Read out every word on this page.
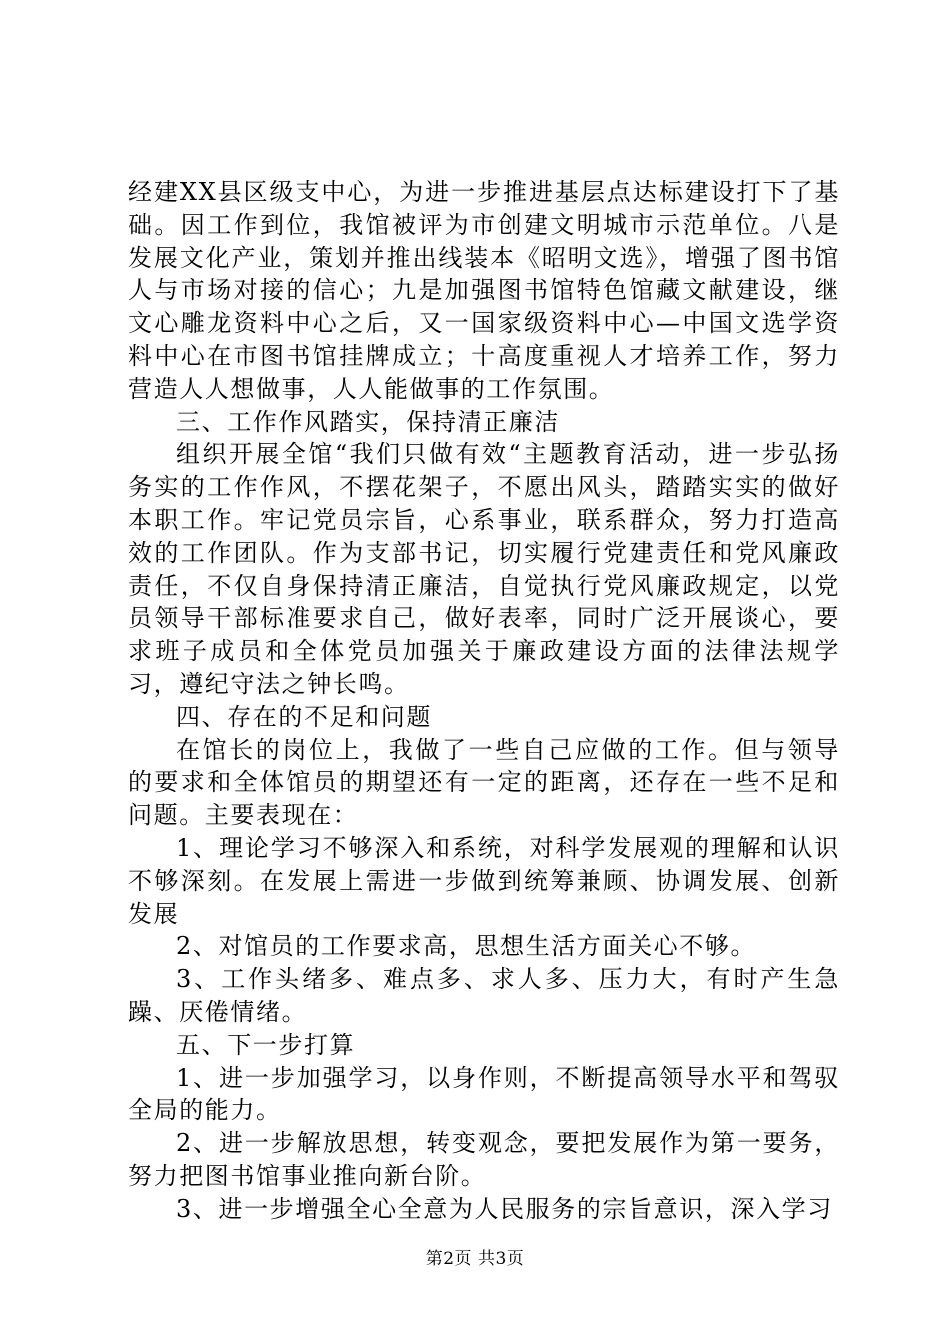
经建XX县区级支中心，为进一步推进基层点达标建设打下了基础。因工作到位，我馆被评为市创建文明城市示范单位。八是发展文化产业，策划并推出线装本《昭明文选》，增强了图书馆人与市场对接的信心；九是加强图书馆特色馆藏文献建设，继文心雕龙资料中心之后，又一国家级资料中心—中国文选学资料中心在市图书馆挂牌成立；十高度重视人才培养工作，努力营造人人想做事，人人能做事的工作氛围。

三、工作作风踏实，保持清正廉洁

组织开展全馆“我们只做有效“主题教育活动，进一步弘扬务实的工作作风，不摆花架子，不愿出风头，踏踏实实的做好本职工作。牢记党员宗旨，心系事业，联系群众，努力打造高效的工作团队。作为支部书记，切实履行党建责任和党风廉政责任，不仅自身保持清正廉洁，自觉执行党风廉政规定，以党员领导干部标准要求自己，做好表率，同时广泛开展谈心，要求班子成员和全体党员加强关于廉政建设方面的法律法规学习，遵纪守法之钟长鸣。

四、存在的不足和问题

在馆长的岗位上，我做了一些自己应做的工作。但与领导的要求和全体馆员的期望还有一定的距离，还存在一些不足和问题。主要表现在：

1、理论学习不够深入和系统，对科学发展观的理解和认识不够深刻。在发展上需进一步做到统筹兼顾、协调发展、创新发展

2、对馆员的工作要求高，思想生活方面关心不够。

3、工作头绪多、难点多、求人多、压力大，有时产生急躁、厌倦情绪。

五、下一步打算

1、进一步加强学习，以身作则，不断提高领导水平和驾驭全局的能力。

2、进一步解放思想，转变观念，要把发展作为第一要务，努力把图书馆事业推向新台阶。

3、进一步增强全心全意为人民服务的宗旨意识，深入学习

第2页 共3页
